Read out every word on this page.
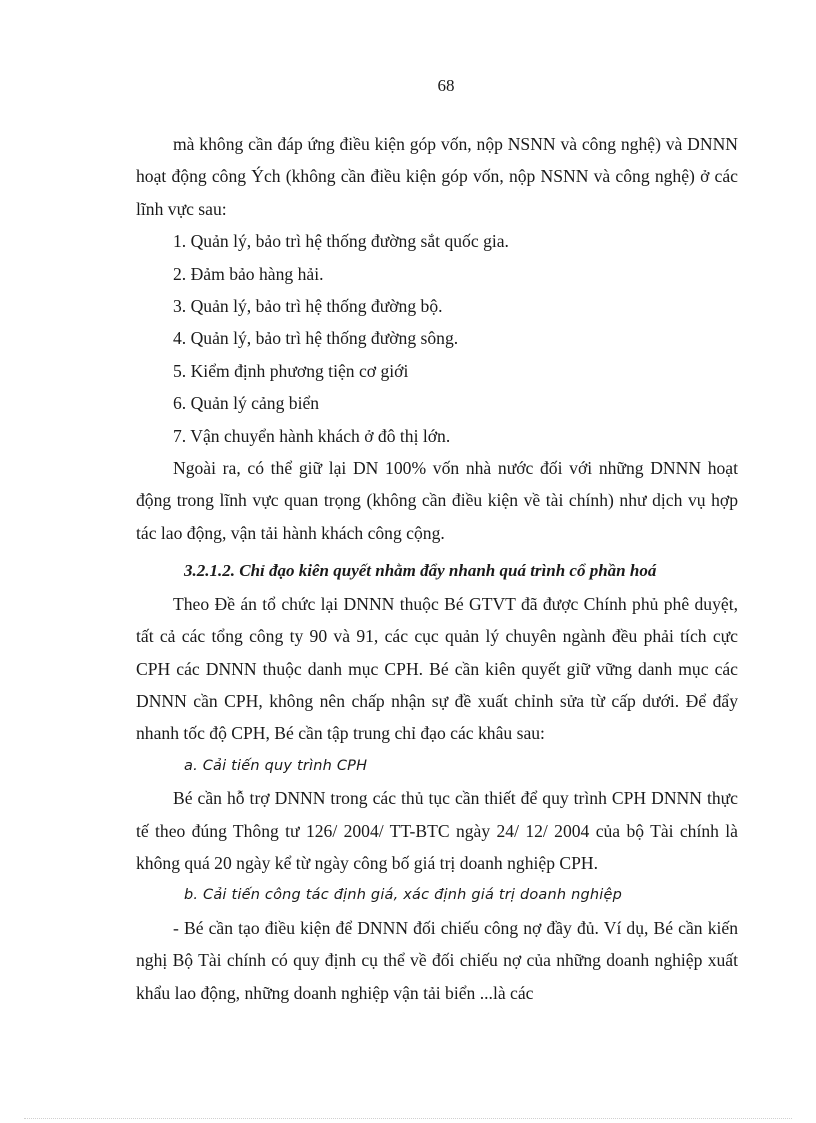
68

mà không cần đáp ứng điều kiện góp vốn, nộp NSNN và công nghệ) và DNNN hoạt động công Ých (không cần điều kiện góp vốn, nộp NSNN và công nghệ) ở các lĩnh vực sau:

1. Quản lý, bảo trì hệ thống đường sắt quốc gia.

2. Đảm bảo hàng hải.

3. Quản lý, bảo trì hệ thống đường bộ.

4. Quản lý, bảo trì hệ thống đường sông.

5. Kiểm định phương tiện cơ giới

6. Quản lý cảng biển

7. Vận chuyển hành khách ở đô thị lớn.

Ngoài ra, có thể giữ lại DN 100% vốn nhà nước đối với những DNNN hoạt động trong lĩnh vực quan trọng (không cần điều kiện về tài chính) như dịch vụ hợp tác lao động, vận tải hành khách công cộng.

3.2.1.2. Chỉ đạo kiên quyết nhằm đẩy nhanh quá trình cổ phần hoá

Theo Đề án tổ chức lại DNNN thuộc Bé GTVT đã được Chính phủ phê duyệt, tất cả các tổng công ty 90 và 91, các cục quản lý chuyên ngành đều phải tích cực CPH các DNNN thuộc danh mục CPH. Bé cần kiên quyết giữ vững danh mục các DNNN cần CPH, không nên chấp nhận sự đề xuất chỉnh sửa từ cấp dưới. Để đẩy nhanh tốc độ CPH, Bé cần tập trung chỉ đạo các khâu sau:

a. Cải tiến quy trình CPH

Bé cần hỗ trợ DNNN trong các thủ tục cần thiết để quy trình CPH DNNN thực tế theo đúng Thông tư 126/ 2004/ TT-BTC ngày 24/ 12/ 2004 của bộ Tài chính là không quá 20 ngày kể từ ngày công bố giá trị doanh nghiệp CPH.

b. Cải tiến công tác định giá, xác định giá trị doanh nghiệp

- Bé cần tạo điều kiện để DNNN đối chiếu công nợ đầy đủ. Ví dụ, Bé cần kiến nghị Bộ Tài chính có quy định cụ thể về đối chiếu nợ của những doanh nghiệp xuất khẩu lao động, những doanh nghiệp vận tải biển ...là các
